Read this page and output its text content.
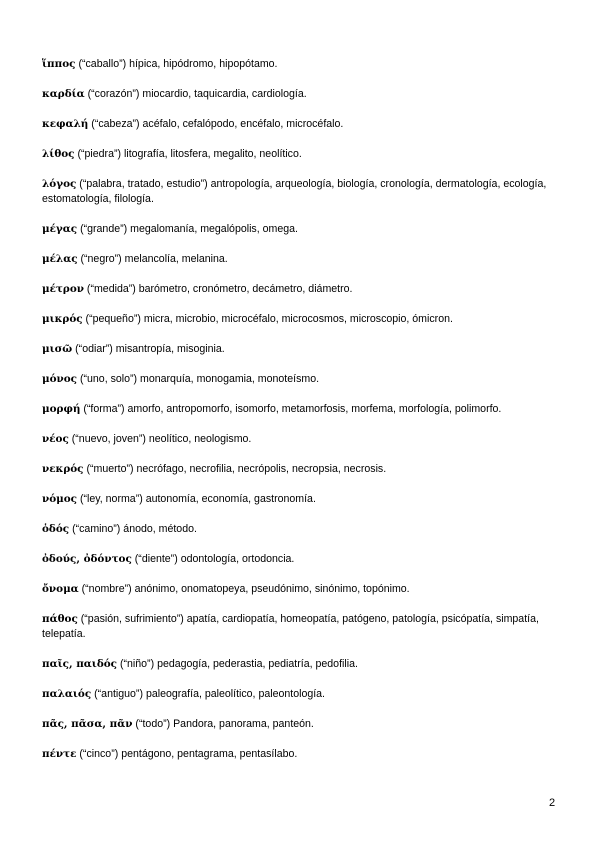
ἵππος (“caballo”) hípica, hipódromo, hipopótamo.
καρδία (“corazón”) miocardio, taquicardia, cardiología.
κεφαλή (“cabeza”) acéfalo, cefalópodo, encéfalo, microcéfalo.
λίθος (“piedra”) litografía, litosfera, megalito, neolítico.
λόγος (“palabra, tratado, estudio”) antropología, arqueología, biología, cronología, dermatología, ecología, estomatología, filología.
μέγας (“grande”) megalomanía, megalópolis, omega.
μέλας (“negro”) melancolía, melanina.
μέτρον (“medida”) barómetro, cronómetro, decámetro, diámetro.
μικρός (“pequeño”) micra, microbio, microcéfalo, microcosmos, microscopio, ómicron.
μισῶ (“odiar”) misantropía, misoginia.
μόνος (“uno, solo”) monarquía, monogamia, monoteísmo.
μορφή (“forma”) amorfo, antropomorfo, isomorfo, metamorfosis, morfema, morfología, polimorfo.
νέος (“nuevo, joven”) neolítico, neologismo.
νεκρός (“muerto”) necrófago, necrofilia, necrópolis, necropsia, necrosis.
νόμος (“ley, norma”) autonomía, economía, gastronomía.
ὁδός (“camino”) ánodo, método.
ὀδούς, ὀδόντος (“diente”) odontología, ortodoncia.
ὄνομα (“nombre”) anónimo, onomatopeya, pseudónimo, sinónimo, topónimo.
πάθος (“pasión, sufrimiento”) apatía, cardiopatía, homeopatía, patógeno, patología, psicópatía, simpatía, telepatía.
παῖς, παιδός (“niño”) pedagogía, pederastia, pediatría, pedofilia.
παλαιός (“antiguo”) paleografía, paleolítico, paleontología.
πᾶς, πᾶσα, πᾶν (“todo”) Pandora, panorama, panteón.
πέντε (“cinco”) pentágono, pentagrama, pentasílabo.
2
